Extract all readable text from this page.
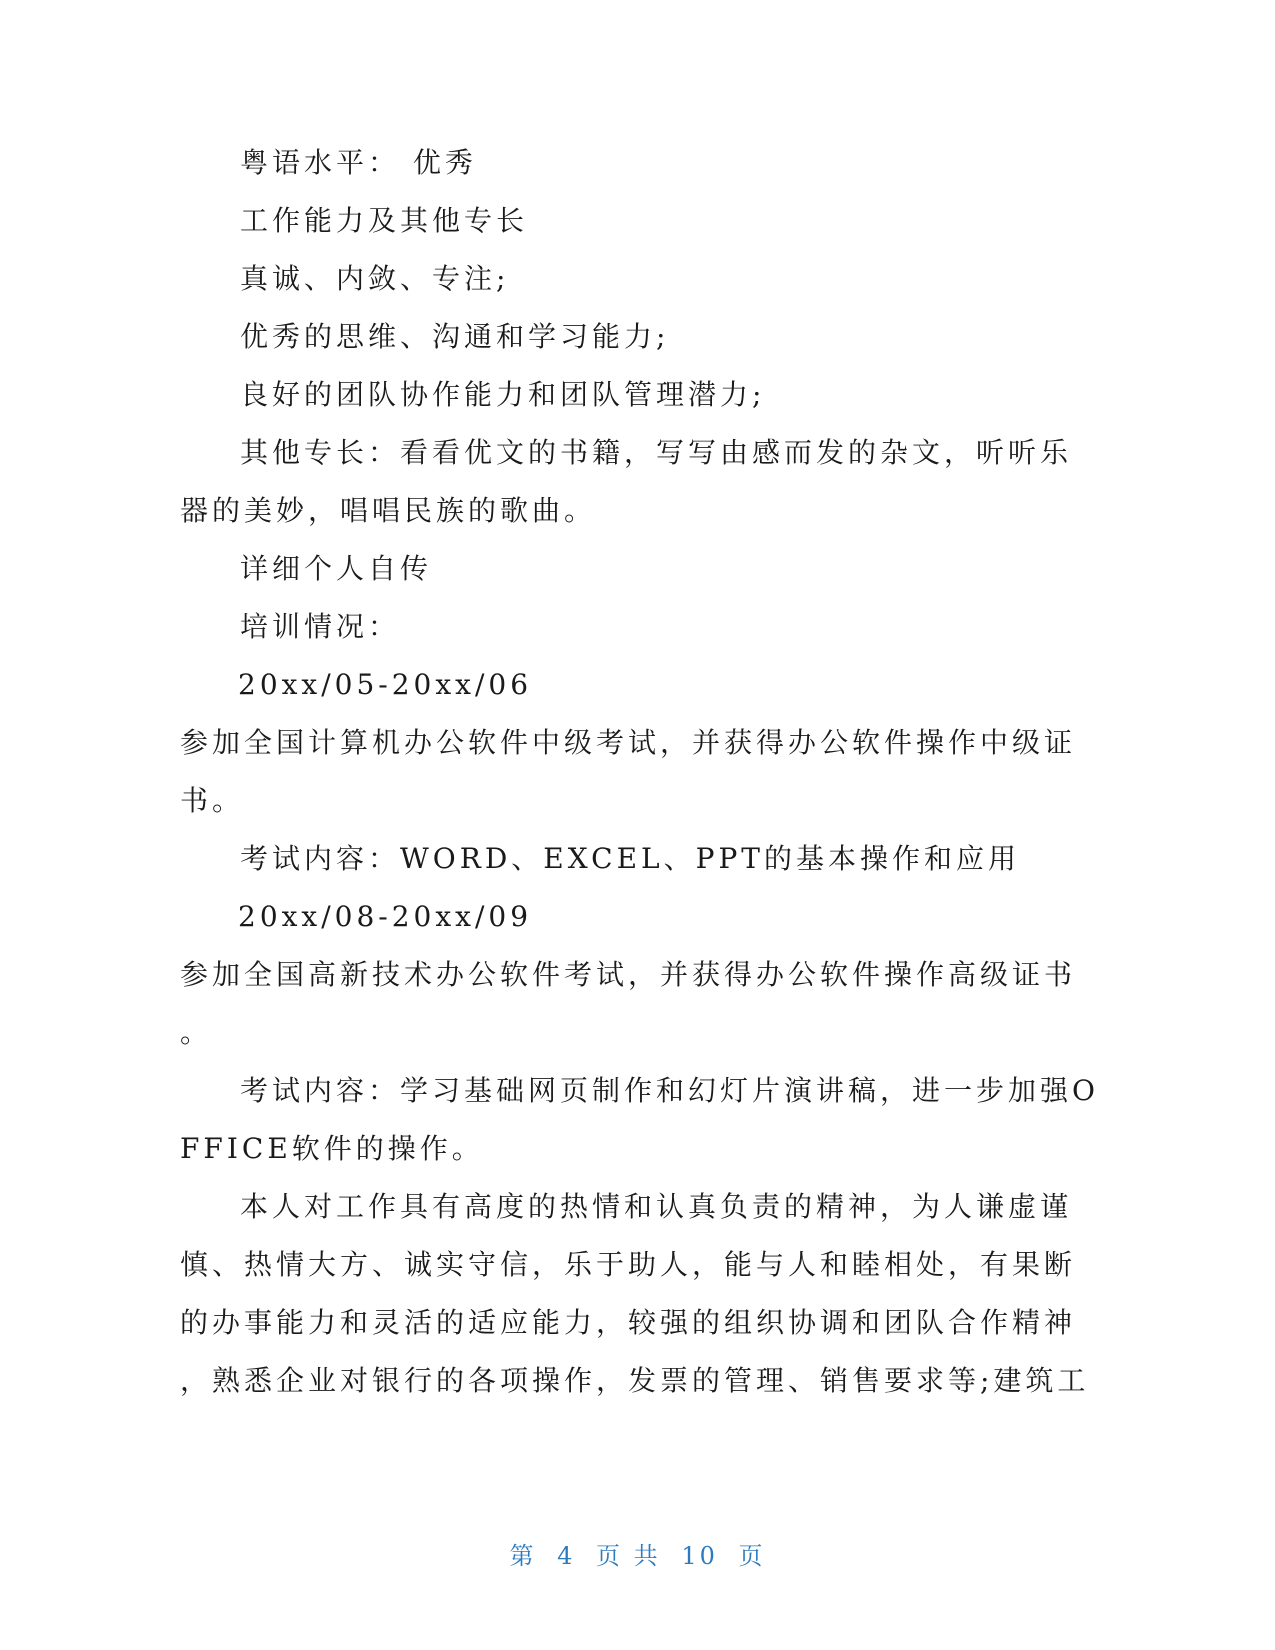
粤语水平： 优秀
工作能力及其他专长
真诚、内敛、专注;
优秀的思维、沟通和学习能力;
良好的团队协作能力和团队管理潜力;
其他专长：看看优文的书籍，写写由感而发的杂文，听听乐
器的美妙，唱唱民族的歌曲。
详细个人自传
培训情况：
20xx/05-20xx/06
参加全国计算机办公软件中级考试，并获得办公软件操作中级证
书。
考试内容：WORD、EXCEL、PPT的基本操作和应用
20xx/08-20xx/09
参加全国高新技术办公软件考试，并获得办公软件操作高级证书
。
考试内容：学习基础网页制作和幻灯片演讲稿，进一步加强O
FFICE软件的操作。
本人对工作具有高度的热情和认真负责的精神，为人谦虚谨
慎、热情大方、诚实守信，乐于助人，能与人和睦相处，有果断
的办事能力和灵活的适应能力，较强的组织协调和团队合作精神
，熟悉企业对银行的各项操作，发票的管理、销售要求等;建筑工
第 4 页 共 10 页
